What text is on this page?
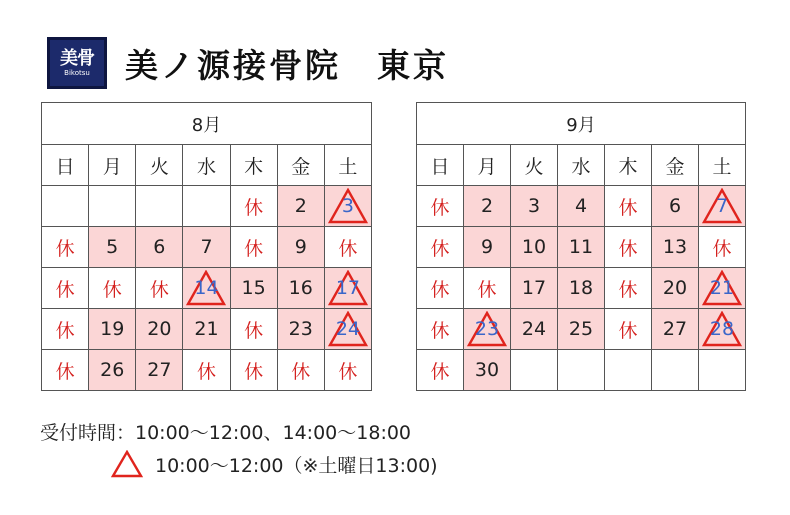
美骨
Bikotsu 美ノ源接骨院　東京
8月						
日	月	火	水	木	金	土
				休	2	3
休	5	6	7	休	9	休
休	休	休	14	15	16	17
休	19	20	21	休	23	24
休	26	27	休	休	休	休
9月						
日	月	火	水	木	金	土
休	2	3	4	休	6	7
休	9	10	11	休	13	休
休	休	17	18	休	20	21
休	23	24	25	休	27	28
休	30					
受付時間：10:00〜12:00、14:00〜18:00
10:00〜12:00（※土曜日13:00)
